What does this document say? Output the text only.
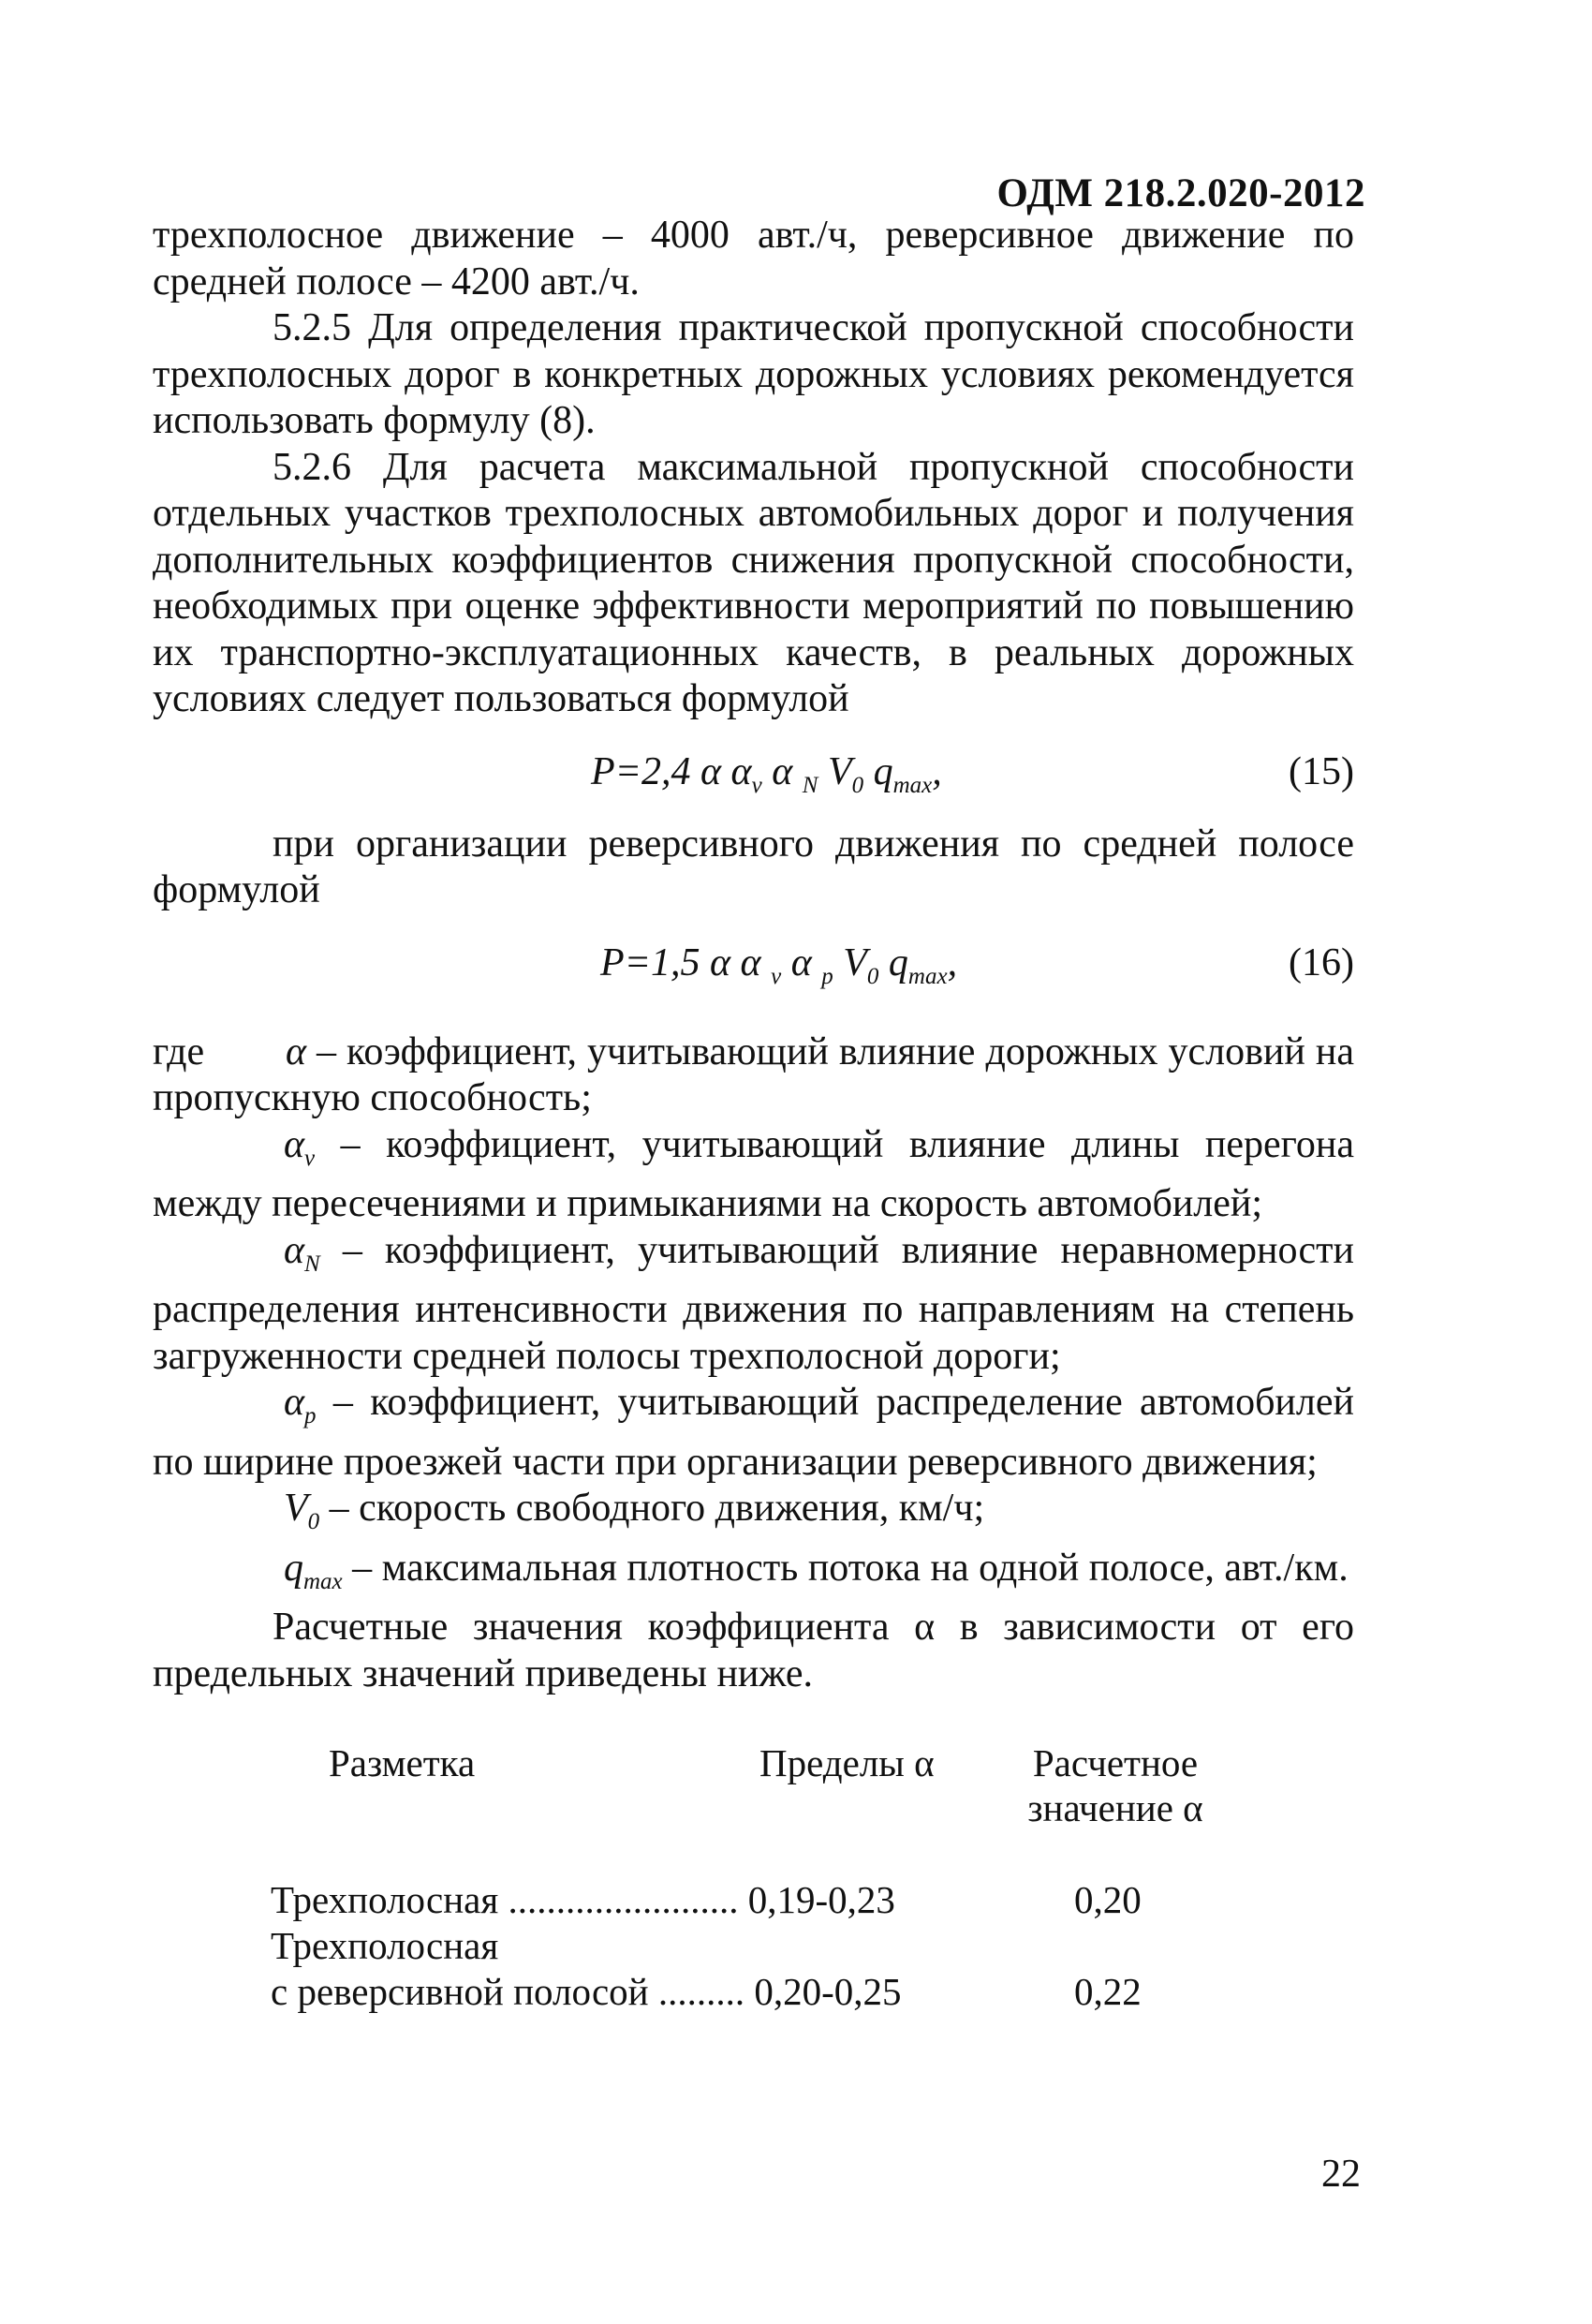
ОДМ 218.2.020-2012

трехполосное движение – 4000 авт./ч, реверсивное движение по средней полосе – 4200 авт./ч.

5.2.5 Для определения практической пропускной способности трехполосных дорог в конкретных дорожных условиях рекомендуется использовать формулу (8).

5.2.6 Для расчета максимальной пропускной способности отдельных участков трехполосных автомобильных дорог и получения дополнительных коэффициентов снижения пропускной способности, необходимых при оценке эффективности мероприятий по повышению их транспортно-эксплуатационных качеств, в реальных дорожных условиях следует пользоваться формулой

P=2,4 α $\alpha_v$ α $_N$ $V_0$ $q_{max}$,	(15)

при организации реверсивного движения по средней полосе формулой

P=1,5 α α $_v$ α $_p$ $V_0$ $q_{max}$,	(16)

где α – коэффициент, учитывающий влияние дорожных условий на пропускную способность;

$\alpha_v$ – коэффициент, учитывающий влияние длины перегона между пересечениями и примыканиями на скорость автомобилей;

$\alpha_N$ – коэффициент, учитывающий влияние неравномерности распределения интенсивности движения по направлениям на степень загруженности средней полосы трехполосной дороги;

$\alpha_p$ – коэффициент, учитывающий распределение автомобилей по ширине проезжей части при организации реверсивного движения;

$V_0$ – скорость свободного движения, км/ч;

$q_{max}$ – максимальная плотность потока на одной полосе, авт./км.

Расчетные значения коэффициента α в зависимости от его предельных значений приведены ниже.

Разметка	Пределы α	Расчетное значение α
Трехполосная ........................ 0,19-0,23	0,20
Трехполосная
с реверсивной полосой ......... 0,20-0,25	0,22
22
